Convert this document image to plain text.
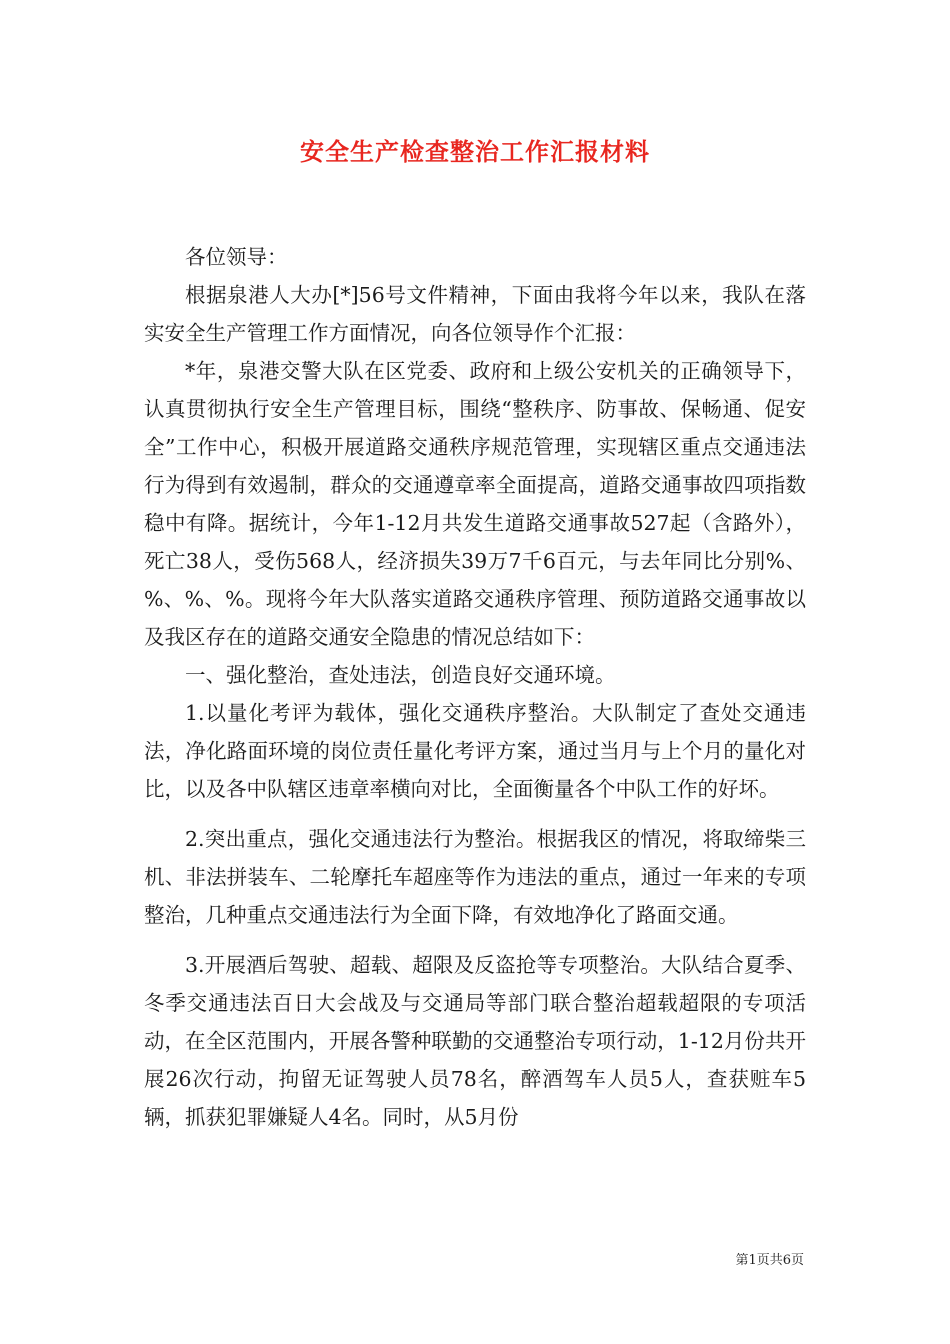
安全生产检查整治工作汇报材料

各位领导：

根据泉港人大办[*]56号文件精神，下面由我将今年以来，我队在落实安全生产管理工作方面情况，向各位领导作个汇报：

*年，泉港交警大队在区党委、政府和上级公安机关的正确领导下，认真贯彻执行安全生产管理目标，围绕“整秩序、防事故、保畅通、促安全”工作中心，积极开展道路交通秩序规范管理，实现辖区重点交通违法行为得到有效遏制，群众的交通遵章率全面提高，道路交通事故四项指数稳中有降。据统计，今年1-12月共发生道路交通事故527起（含路外），死亡38人，受伤568人，经济损失39万7千6百元，与去年同比分别%、%、%、%。现将今年大队落实道路交通秩序管理、预防道路交通事故以及我区存在的道路交通安全隐患的情况总结如下：

一、强化整治，查处违法，创造良好交通环境。

1.以量化考评为载体，强化交通秩序整治。大队制定了查处交通违法，净化路面环境的岗位责任量化考评方案，通过当月与上个月的量化对比，以及各中队辖区违章率横向对比，全面衡量各个中队工作的好坏。

2.突出重点，强化交通违法行为整治。根据我区的情况，将取缔柴三机、非法拼装车、二轮摩托车超座等作为违法的重点，通过一年来的专项整治，几种重点交通违法行为全面下降，有效地净化了路面交通。

3.开展酒后驾驶、超载、超限及反盗抢等专项整治。大队结合夏季、冬季交通违法百日大会战及与交通局等部门联合整治超载超限的专项活动，在全区范围内，开展各警种联勤的交通整治专项行动，1-12月份共开展26次行动，拘留无证驾驶人员78名，醉酒驾车人员5人，查获赃车5辆，抓获犯罪嫌疑人4名。同时，从5月份

第1页共6页
